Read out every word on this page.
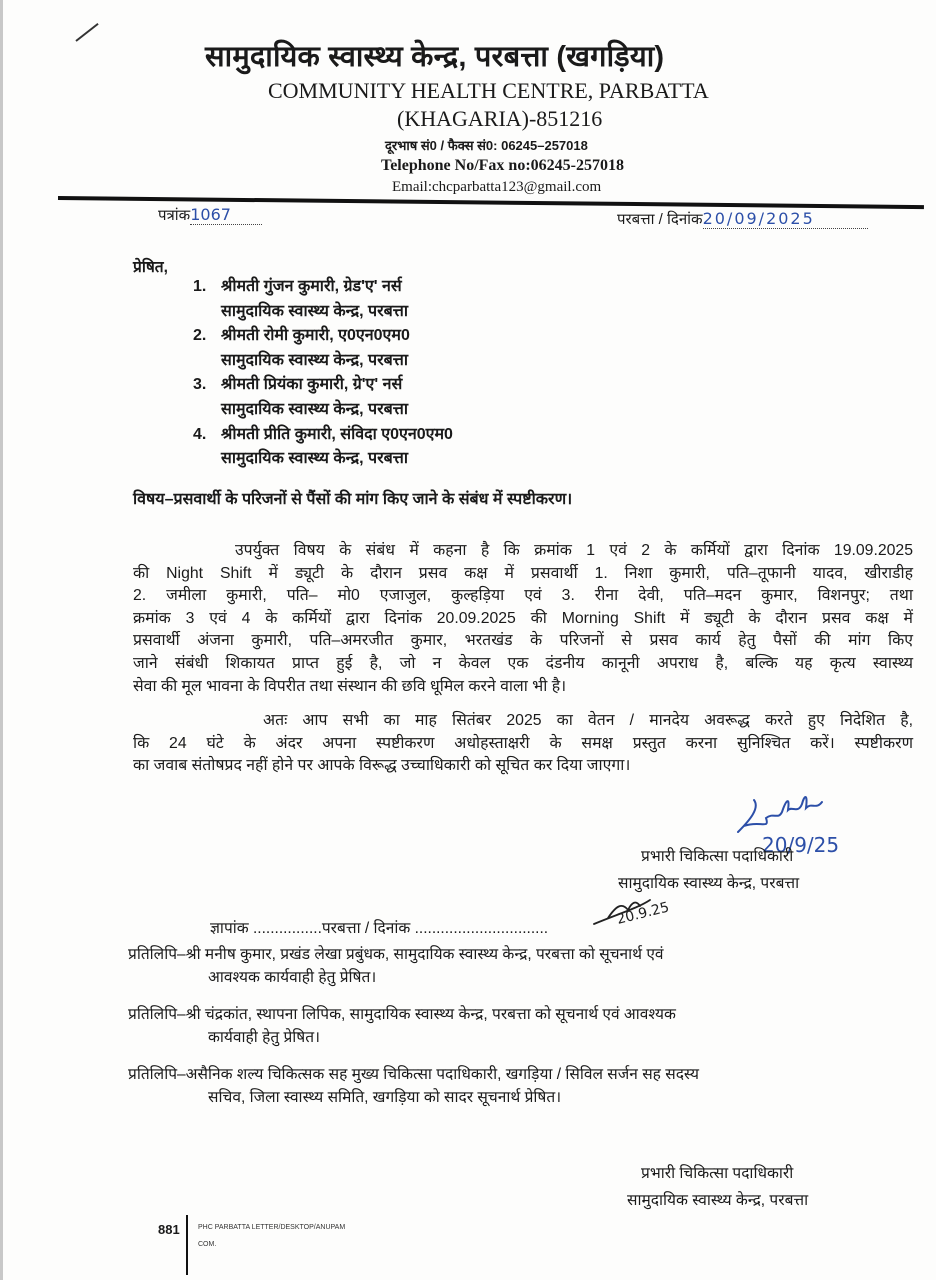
सामुदायिक स्वास्थ्य केन्द्र, परबत्ता (खगड़िया)
COMMUNITY HEALTH CENTRE, PARBATTA
(KHAGARIA)-851216
दूरभाष सं0 / फैक्स सं0: 06245–257018
Telephone No/Fax no:06245-257018
Email:chcparbatta123@gmail.com
पत्रांक1067	परबत्ता / दिनांक20/09/2025
प्रेषित,
1. श्रीमती गुंजन कुमारी, ग्रेड'ए' नर्स
सामुदायिक स्वास्थ्य केन्द्र, परबत्ता
2. श्रीमती रोमी कुमारी, ए0एन0एम0
सामुदायिक स्वास्थ्य केन्द्र, परबत्ता
3. श्रीमती प्रियंका कुमारी, ग्रे'ए' नर्स
सामुदायिक स्वास्थ्य केन्द्र, परबत्ता
4. श्रीमती प्रीति कुमारी, संविदा ए0एन0एम0
सामुदायिक स्वास्थ्य केन्द्र, परबत्ता
विषय–प्रसवार्थी के परिजनों से पैंसों की मांग किए जाने के संबंध में स्पष्टीकरण।
उपर्युक्त विषय के संबंध में कहना है कि क्रमांक 1 एवं 2 के कर्मियों द्वारा दिनांक 19.09.2025
की Night Shift में ड्यूटी के दौरान प्रसव कक्ष में प्रसवार्थी 1. निशा कुमारी, पति–तूफानी यादव, खीराडीह
2. जमीला कुमारी, पति– मो0 एजाजुल, कुल्हड़िया एवं 3. रीना देवी, पति–मदन कुमार, विशनपुर; तथा
क्रमांक 3 एवं 4 के कर्मियों द्वारा दिनांक 20.09.2025 की Morning Shift में ड्यूटी के दौरान प्रसव कक्ष में
प्रसवार्थी अंजना कुमारी, पति–अमरजीत कुमार, भरतखंड के परिजनों से प्रसव कार्य हेतु पैसों की मांग किए
जाने संबंधी शिकायत प्राप्त हुई है, जो न केवल एक दंडनीय कानूनी अपराध है, बल्कि यह कृत्य स्वास्थ्य
सेवा की मूल भावना के विपरीत तथा संस्थान की छवि धूमिल करने वाला भी है।
अतः आप सभी का माह सितंबर 2025 का वेतन / मानदेय अवरूद्ध करते हुए निदेशित है,
कि 24 घंटे के अंदर अपना स्पष्टीकरण अधोहस्ताक्षरी के समक्ष प्रस्तुत करना सुनिश्चित करें। स्पष्टीकरण
का जवाब संतोषप्रद नहीं होने पर आपके विरूद्ध उच्चाधिकारी को सूचित कर दिया जाएगा।
20/9/25
प्रभारी चिकित्सा पदाधिकारी
सामुदायिक स्वास्थ्य केन्द्र, परबत्ता
20.9.25
ज्ञापांक ................परबत्ता / दिनांक ...............................
प्रतिलिपि–श्री मनीष कुमार, प्रखंड लेखा प्रबुंधक, सामुदायिक स्वास्थ्य केन्द्र, परबत्ता को सूचनार्थ एवं
आवश्यक कार्यवाही हेतु प्रेषित।
प्रतिलिपि–श्री चंद्रकांत, स्थापना लिपिक, सामुदायिक स्वास्थ्य केन्द्र, परबत्ता को सूचनार्थ एवं आवश्यक
कार्यवाही हेतु प्रेषित।
प्रतिलिपि–असैनिक शल्य चिकित्सक सह मुख्य चिकित्सा पदाधिकारी, खगड़िया / सिविल सर्जन सह सदस्य
सचिव, जिला स्वास्थ्य समिति, खगड़िया को सादर सूचनार्थ प्रेषित।
प्रभारी चिकित्सा पदाधिकारी
सामुदायिक स्वास्थ्य केन्द्र, परबत्ता
881	PHC PARBATTA LETTER/DESKTOP/ANUPAM
COM.
